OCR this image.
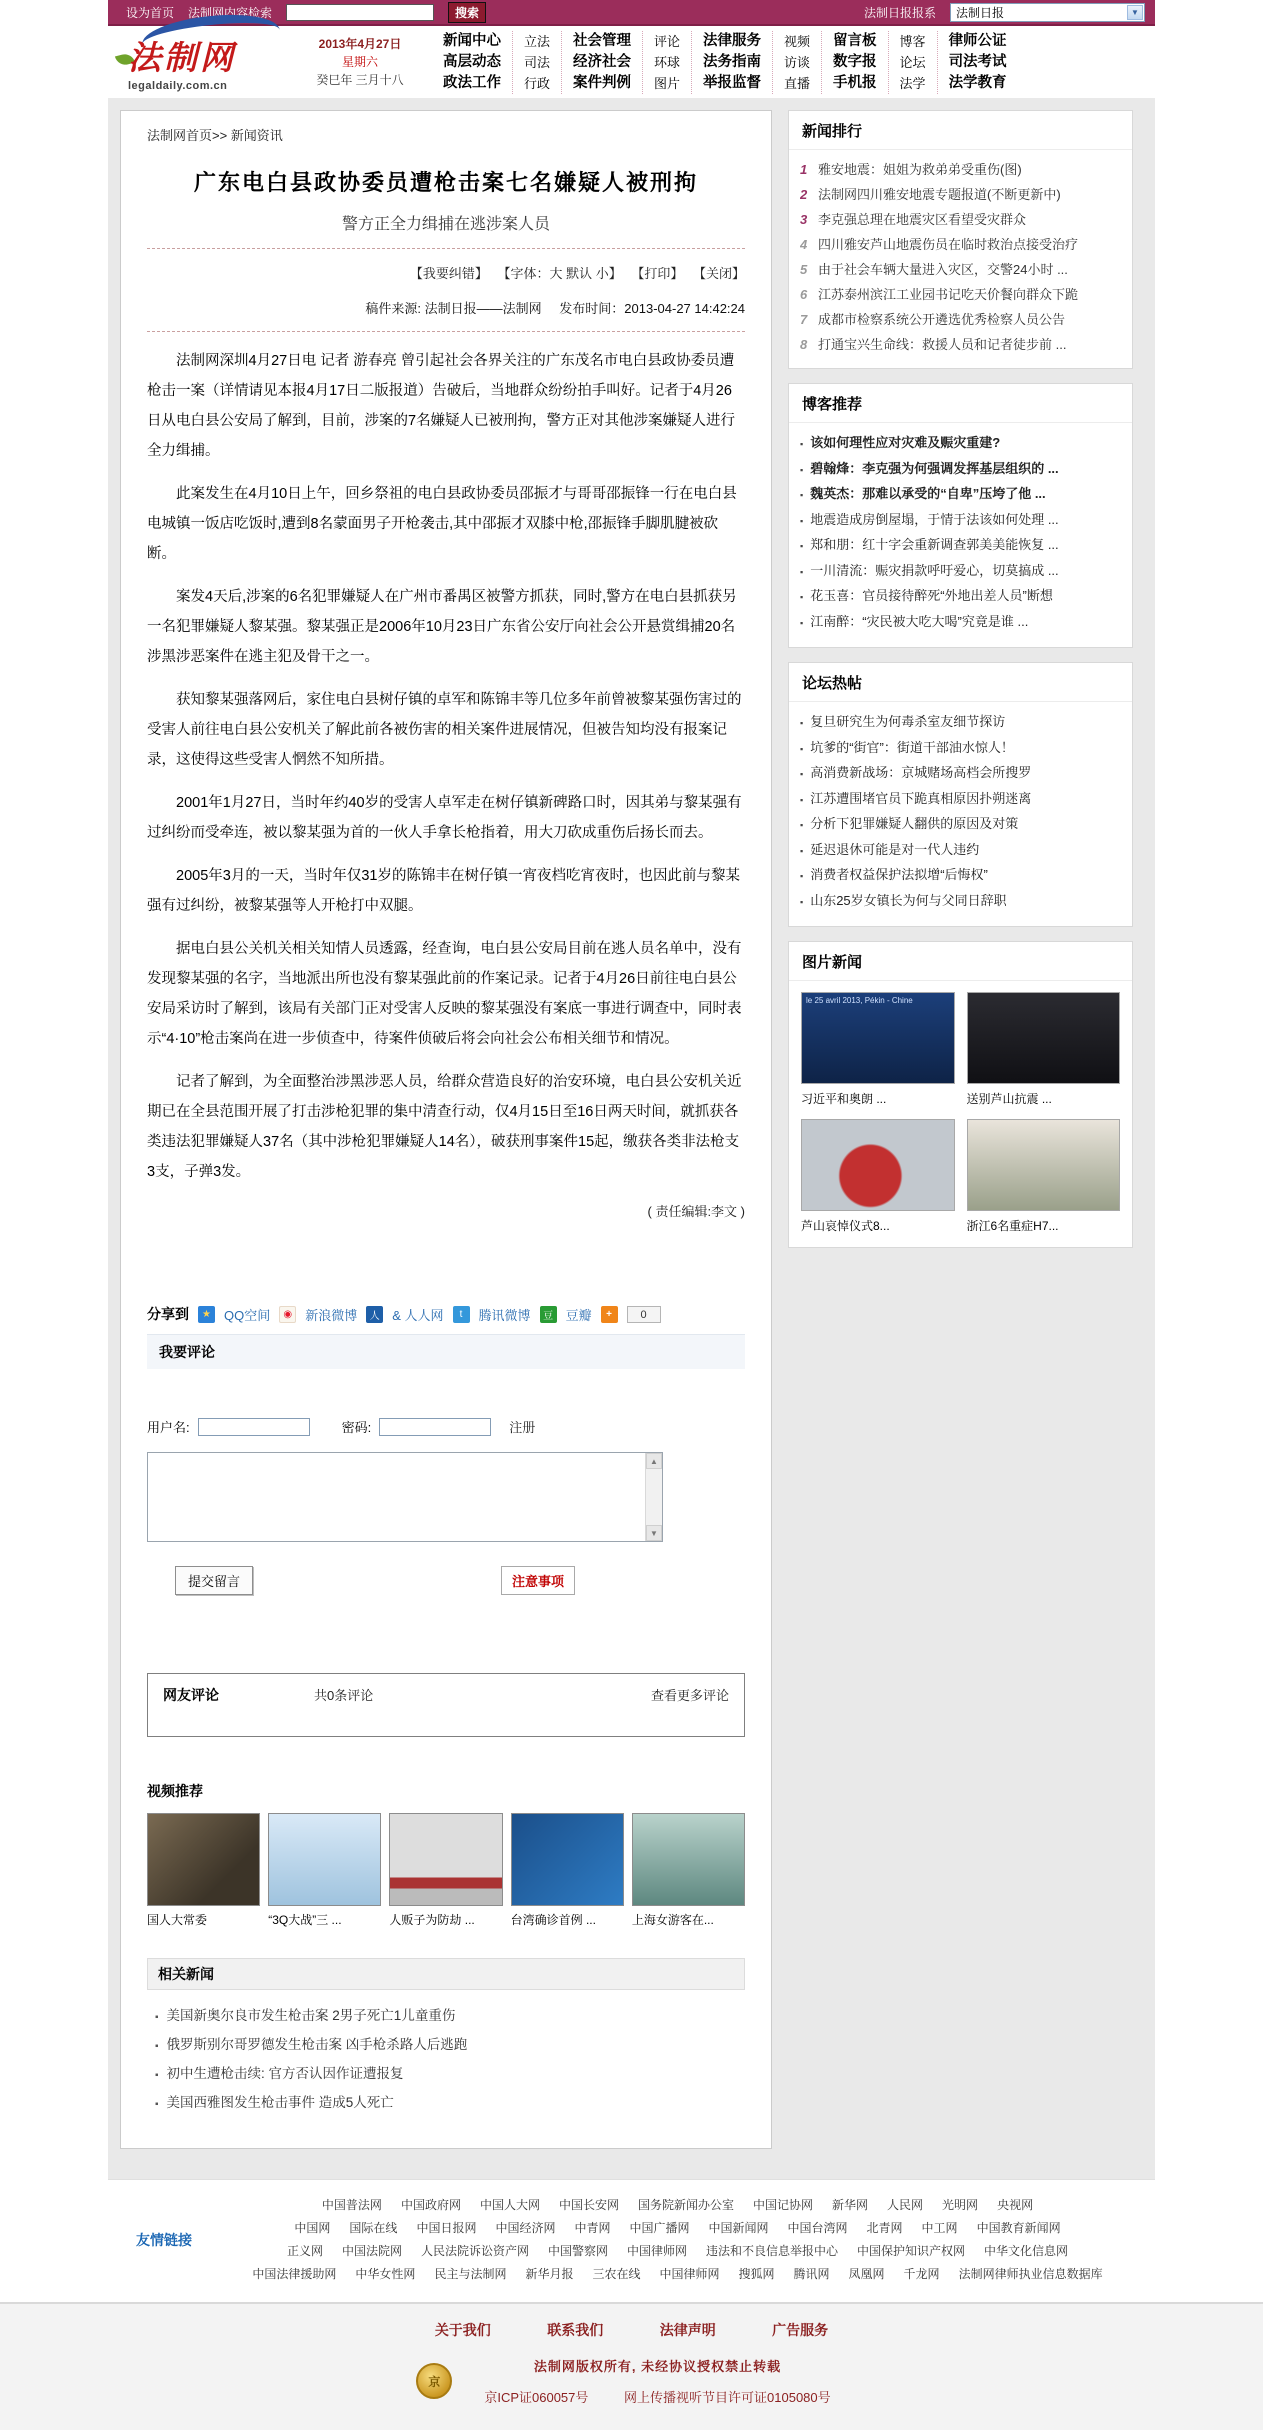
设为首页 法制网内容检索	搜索	法制日报报系 法制日报	▼
法制网
legaldaily.com.cn
2013年4月27日
星期六
癸巳年 三月十八
新闻中心
高层动态
政法工作
立法
司法
行政
社会管理
经济社会
案件判例
评论
环球
图片
法律服务
法务指南
举报监督
视频
访谈
直播
留言板
数字报
手机报
博客
论坛
法学
律师公证
司法考试
法学教育
法制网首页>> 新闻资讯
广东电白县政协委员遭枪击案七名嫌疑人被刑拘
警方正全力缉捕在逃涉案人员
【我要纠错】 【字体：大 默认 小】 【打印】 【关闭】
稿件来源: 法制日报——法制网 发布时间：2013-04-27 14:42:24

法制网深圳4月27日电 记者 游春亮 曾引起社会各界关注的广东茂名市电白县政协委员遭枪击一案（详情请见本报4月17日二版报道）告破后，当地群众纷纷拍手叫好。记者于4月26日从电白县公安局了解到，目前，涉案的7名嫌疑人已被刑拘，警方正对其他涉案嫌疑人进行全力缉捕。

此案发生在4月10日上午，回乡祭祖的电白县政协委员邵振才与哥哥邵振锋一行在电白县电城镇一饭店吃饭时,遭到8名蒙面男子开枪袭击,其中邵振才双膝中枪,邵振锋手脚肌腱被砍断。

案发4天后,涉案的6名犯罪嫌疑人在广州市番禺区被警方抓获，同时,警方在电白县抓获另一名犯罪嫌疑人黎某强。黎某强正是2006年10月23日广东省公安厅向社会公开悬赏缉捕20名涉黑涉恶案件在逃主犯及骨干之一。

获知黎某强落网后，家住电白县树仔镇的卓军和陈锦丰等几位多年前曾被黎某强伤害过的受害人前往电白县公安机关了解此前各被伤害的相关案件进展情况，但被告知均没有报案记录，这使得这些受害人惘然不知所措。

2001年1月27日，当时年约40岁的受害人卓军走在树仔镇新碑路口时，因其弟与黎某强有过纠纷而受牵连，被以黎某强为首的一伙人手拿长枪指着，用大刀砍成重伤后扬长而去。

2005年3月的一天，当时年仅31岁的陈锦丰在树仔镇一宵夜档吃宵夜时，也因此前与黎某强有过纠纷，被黎某强等人开枪打中双腿。

据电白县公关机关相关知情人员透露，经查询，电白县公安局目前在逃人员名单中，没有发现黎某强的名字，当地派出所也没有黎某强此前的作案记录。记者于4月26日前往电白县公安局采访时了解到，该局有关部门正对受害人反映的黎某强没有案底一事进行调查中，同时表示“4·10”枪击案尚在进一步侦查中，待案件侦破后将会向社会公布相关细节和情况。

记者了解到，为全面整治涉黑涉恶人员，给群众营造良好的治安环境，电白县公安机关近期已在全县范围开展了打击涉枪犯罪的集中清查行动，仅4月15日至16日两天时间，就抓获各类违法犯罪嫌疑人37名（其中涉枪犯罪嫌疑人14名），破获刑事案件15起，缴获各类非法枪支3支，子弹3发。

( 责任编辑:李文 )
分享到	★	QQ空间	◉	新浪微博	人 & 人人网	t	腾讯微博	豆 豆瓣	+	0
我要评论
用户名:	密码:	注册
▲
▼
提交留言	注意事项
网友评论	共0条评论	查看更多评论
视频推荐
国人大常委	“3Q大战”三 ...	人贩子为防劫 ...	台湾确诊首例 ...	上海女游客在...
相关新闻
▪ 美国新奥尔良市发生枪击案 2男子死亡1儿童重伤
▪ 俄罗斯别尔哥罗德发生枪击案 凶手枪杀路人后逃跑
▪ 初中生遭枪击续: 官方否认因作证遭报复
▪ 美国西雅图发生枪击事件 造成5人死亡
新闻排行
1 雅安地震：姐姐为救弟弟受重伤(图)
2 法制网四川雅安地震专题报道(不断更新中)
3 李克强总理在地震灾区看望受灾群众
4 四川雅安芦山地震伤员在临时救治点接受治疗
5 由于社会车辆大量进入灾区，交警24小时 ...
6 江苏泰州滨江工业园书记吃天价餐向群众下跪
7 成都市检察系统公开遴选优秀检察人员公告
8 打通宝兴生命线：救援人员和记者徒步前 ...
博客推荐
▪ 该如何理性应对灾难及赈灾重建?
▪ 碧翰烽：李克强为何强调发挥基层组织的 ...
▪ 魏英杰：那难以承受的“自卑”压垮了他 ...
▪ 地震造成房倒屋塌，于情于法该如何处理 ...
▪ 郑和朋：红十字会重新调查郭美美能恢复 ...
▪ 一川清流：赈灾捐款呼吁爱心，切莫搞成 ...
▪ 花玉喜：官员接待醉死“外地出差人员”断想
▪ 江南醉：“灾民被大吃大喝”究竟是谁 ...
论坛热帖
▪ 复旦研究生为何毒杀室友细节探访
▪ 坑爹的“街官”：街道干部油水惊人！
▪ 高消费新战场：京城赌场高档会所搜罗
▪ 江苏遭围堵官员下跪真相原因扑朔迷离
▪ 分析下犯罪嫌疑人翻供的原因及对策
▪ 延迟退休可能是对一代人违约
▪ 消费者权益保护法拟增“后悔权”
▪ 山东25岁女镇长为何与父同日辞职
图片新闻
le 25 avril 2013, Pékin - Chine
习近平和奥朗 ...	送别芦山抗震 ...
芦山哀悼仪式8...	浙江6名重症H7...
友情链接
中国普法网 中国政府网 中国人大网 中国长安网 国务院新闻办公室 中国记协网 新华网 人民网 光明网 央视网
中国网 国际在线 中国日报网 中国经济网 中青网 中国广播网 中国新闻网 中国台湾网 北青网 中工网 中国教育新闻网
正义网 中国法院网 人民法院诉讼资产网 中国警察网 中国律师网 违法和不良信息举报中心 中国保护知识产权网 中华文化信息网
中国法律援助网 中华女性网 民主与法制网 新华月报 三农在线 中国律师网 搜狐网 腾讯网 凤凰网 千龙网 法制网律师执业信息数据库
关于我们	联系我们	法律声明	广告服务
京
法制网版权所有, 未经协议授权禁止转载
京ICP证060057号	网上传播视听节目许可证0105080号
